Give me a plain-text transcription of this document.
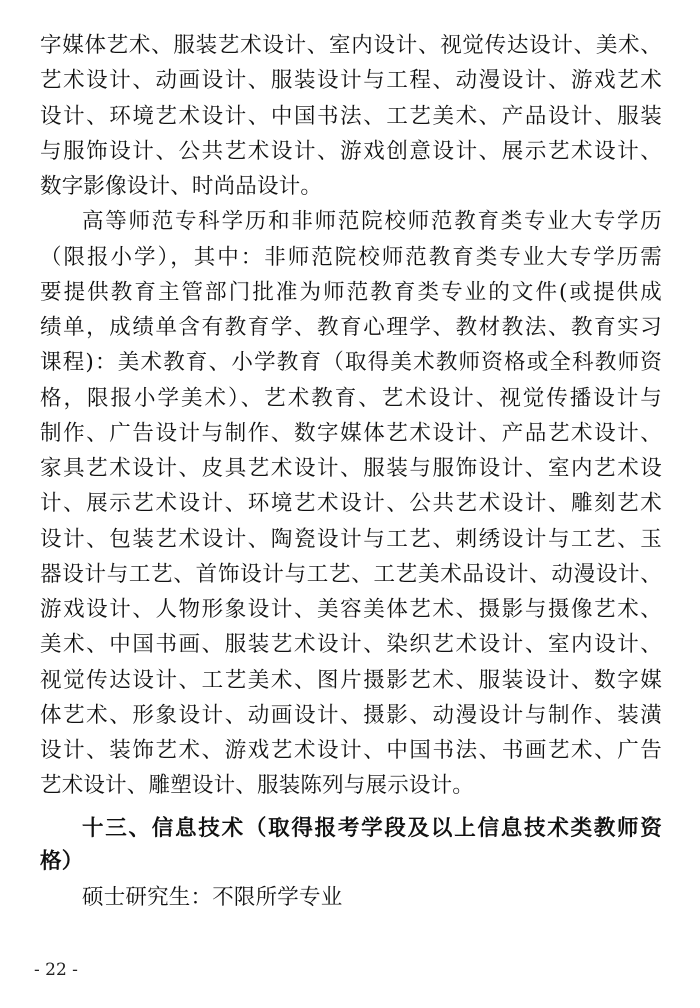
字媒体艺术、服装艺术设计、室内设计、视觉传达设计、美术、
艺术设计、动画设计、服装设计与工程、动漫设计、游戏艺术
设计、环境艺术设计、中国书法、工艺美术、产品设计、服装
与服饰设计、公共艺术设计、游戏创意设计、展示艺术设计、
数字影像设计、时尚品设计。
高等师范专科学历和非师范院校师范教育类专业大专学历
（限报小学），其中：非师范院校师范教育类专业大专学历需
要提供教育主管部门批准为师范教育类专业的文件(或提供成
绩单，成绩单含有教育学、教育心理学、教材教法、教育实习
课程)：美术教育、小学教育（取得美术教师资格或全科教师资
格，限报小学美术）、艺术教育、艺术设计、视觉传播设计与
制作、广告设计与制作、数字媒体艺术设计、产品艺术设计、
家具艺术设计、皮具艺术设计、服装与服饰设计、室内艺术设
计、展示艺术设计、环境艺术设计、公共艺术设计、雕刻艺术
设计、包装艺术设计、陶瓷设计与工艺、刺绣设计与工艺、玉
器设计与工艺、首饰设计与工艺、工艺美术品设计、动漫设计、
游戏设计、人物形象设计、美容美体艺术、摄影与摄像艺术、
美术、中国书画、服装艺术设计、染织艺术设计、室内设计、
视觉传达设计、工艺美术、图片摄影艺术、服装设计、数字媒
体艺术、形象设计、动画设计、摄影、动漫设计与制作、装潢
设计、装饰艺术、游戏艺术设计、中国书法、书画艺术、广告
艺术设计、雕塑设计、服装陈列与展示设计。
十三、信息技术（取得报考学段及以上信息技术类教师资
格）
硕士研究生：不限所学专业
- 22 -
